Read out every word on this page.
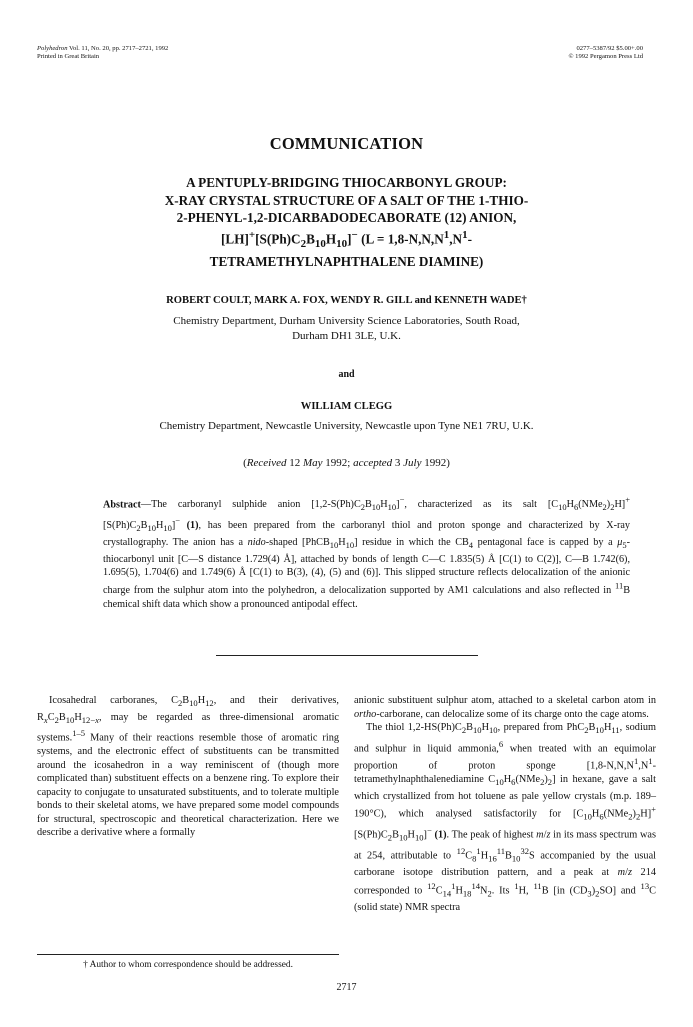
Polyhedron Vol. 11, No. 20, pp. 2717–2721, 1992
Printed in Great Britain
0277–5387/92 $5.00+.00
© 1992 Pergamon Press Ltd
COMMUNICATION
A PENTUPLY-BRIDGING THIOCARBONYL GROUP:
X-RAY CRYSTAL STRUCTURE OF A SALT OF THE 1-THIO-
2-PHENYL-1,2-DICARBADODECABORATE (12) ANION,
$[LH]^+[S(Ph)C_2B_{10}H_{10}]^-$ ($L = 1,8-N,N,N^1,N^1-$
TETRAMETHYLNAPHTHALENE DIAMINE)
ROBERT COULT, MARK A. FOX, WENDY R. GILL and KENNETH WADE†
Chemistry Department, Durham University Science Laboratories, South Road,
Durham DH1 3LE, U.K.
and
WILLIAM CLEGG
Chemistry Department, Newcastle University, Newcastle upon Tyne NE1 7RU, U.K.
(Received 12 May 1992; accepted 3 July 1992)
Abstract—The carboranyl sulphide anion $[1,2-S(Ph)C_2B_{10}H_{10}]^-$, characterized as its salt $[C_{10}H_6(NMe_2)_2H]^+[S(Ph)C_2B_{10}H_{10}]^-$ (1), has been prepared from the carboranyl thiol and proton sponge and characterized by X-ray crystallography. The anion has a nido-shaped $[PhCB_{10}H_{10}]$ residue in which the $CB_4$ pentagonal face is capped by a $\mu_5$-thiocarbonyl unit [C—S distance 1.729(4) Å], attached by bonds of length C—C 1.835(5) Å [C(1) to C(2)], C—B 1.742(6), 1.695(5), 1.704(6) and 1.749(6) Å [C(1) to B(3), (4), (5) and (6)]. This slipped structure reflects delocalization of the anionic charge from the sulphur atom into the polyhedron, a delocalization supported by AM1 calculations and also reflected in $^{11}$B chemical shift data which show a pronounced antipodal effect.

Icosahedral carboranes, $C_2B_{10}H_{12}$, and their derivatives, $R_xC_2B_{10}H_{12-x}$, may be regarded as three-dimensional aromatic systems.$^{1-5}$ Many of their reactions resemble those of aromatic ring systems, and the electronic effect of substituents can be transmitted around the icosahedron in a way reminiscent of (though more complicated than) substituent effects on a benzene ring. To explore their capacity to conjugate to unsaturated substituents, and to tolerate multiple bonds to their skeletal atoms, we have prepared some model compounds for structural, spectroscopic and theoretical characterization. Here we describe a derivative where a formally

anionic substituent sulphur atom, attached to a skeletal carbon atom in ortho-carborane, can delocalize some of its charge onto the cage atoms.

The thiol $1,2-HS(Ph)C_2B_{10}H_{10}$, prepared from $PhC_2B_{10}H_{11}$, sodium and sulphur in liquid ammonia,$^6$ when treated with an equimolar proportion of proton sponge [$1,8-N,N,N^1,N^1$-tetramethylnaphthalenediamine $C_{10}H_6(NMe_2)_2$] in hexane, gave a salt which crystallized from hot toluene as pale yellow crystals (m.p. 189–190°C), which analysed satisfactorily for $[C_{10}H_6(NMe_2)_2H]^+$ $[S(Ph)C_2B_{10}H_{10}]^-$ (1). The peak of highest m/z in its mass spectrum was at 254, attributable to $^{12}C_8^1H_{16}^{11}B_{10}^{32}S$ accompanied by the usual carborane isotope distribution pattern, and a peak at m/z 214 corresponded to $^{12}C_{14}^1H_{18}^{14}N_2$. Its $^1$H, $^{11}$B [in $(CD_3)_2SO$] and $^{13}$C (solid state) NMR spectra

† Author to whom correspondence should be addressed.
2717
